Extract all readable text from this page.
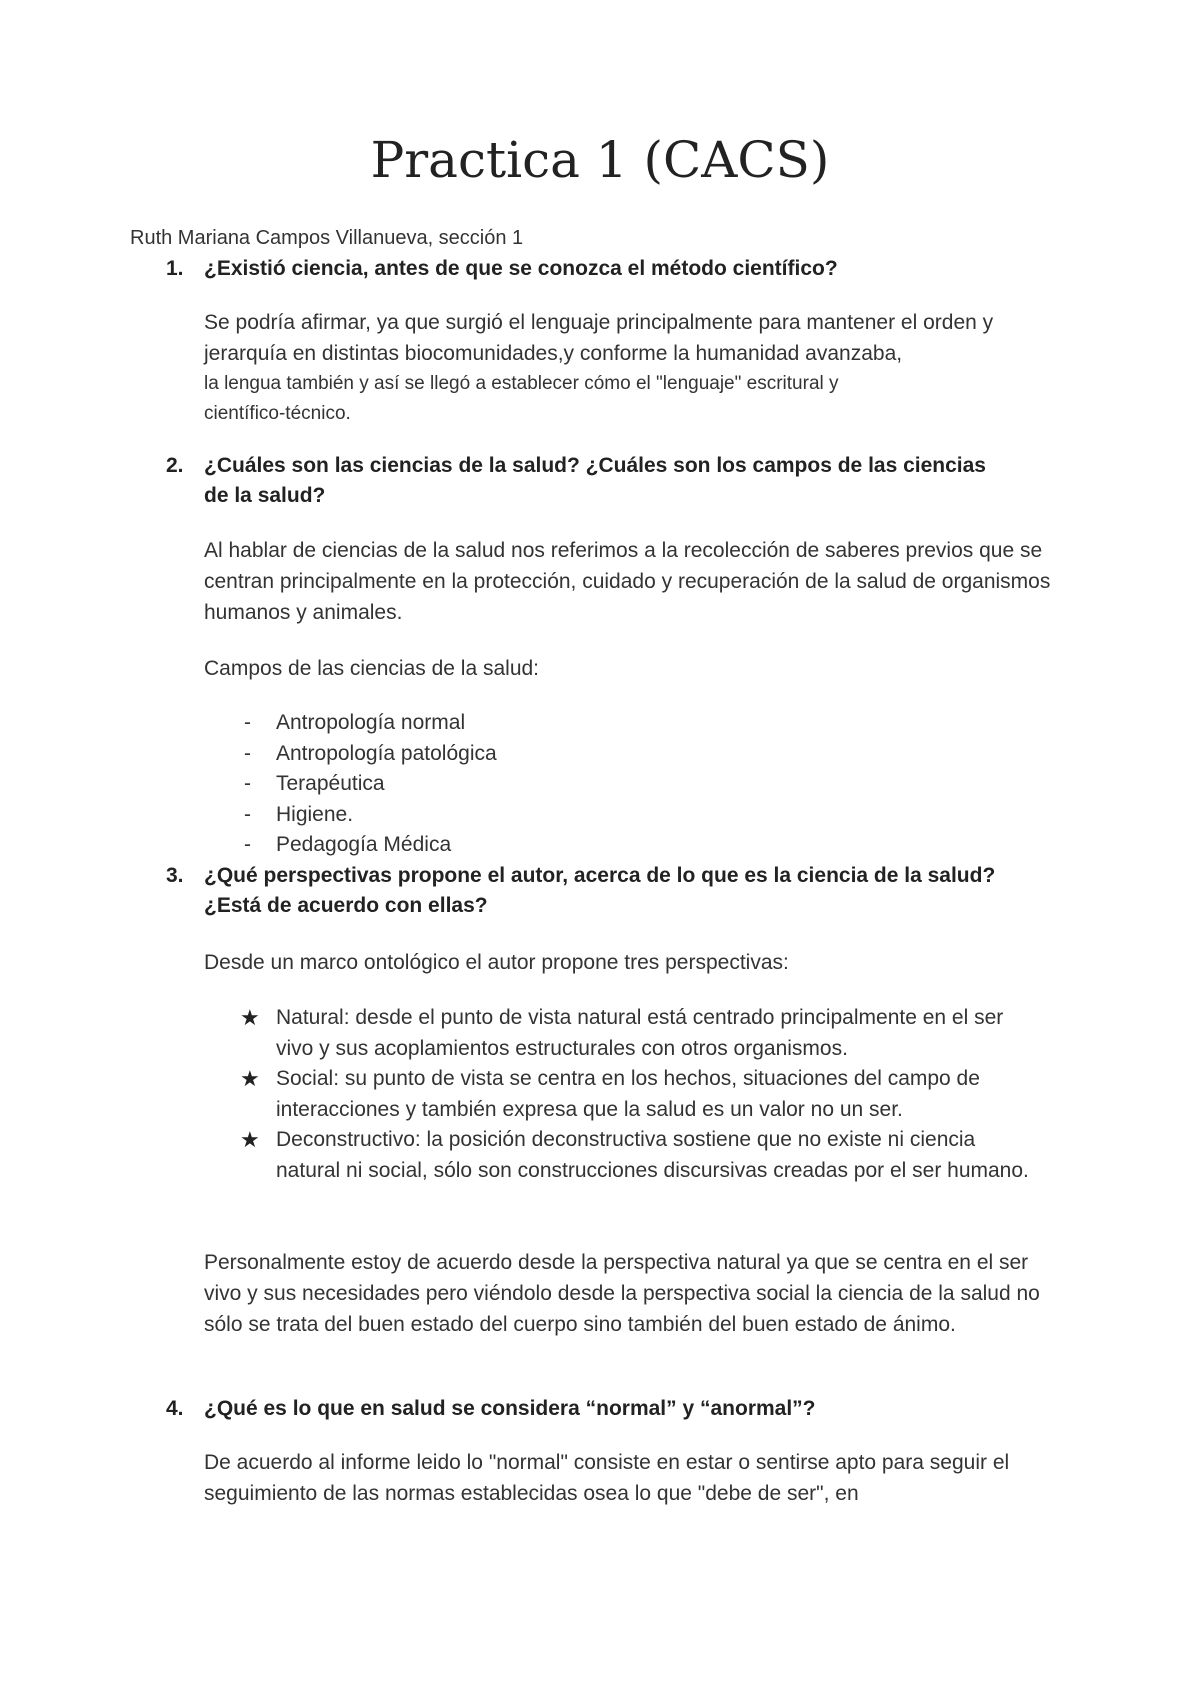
Practica 1 (CACS)
Ruth Mariana Campos Villanueva, sección 1
1. ¿Existió ciencia, antes de que se conozca el método científico?
Se podría afirmar, ya que surgió el lenguaje principalmente para mantener el orden y jerarquía en distintas biocomunidades,y conforme la humanidad avanzaba,
la lengua también y así se llegó a establecer cómo el "lenguaje" escritural y científico-técnico.
2. ¿Cuáles son las ciencias de la salud? ¿Cuáles son los campos de las ciencias de la salud?
Al hablar de ciencias de la salud nos referimos a la recolección de saberes previos que se centran principalmente en la protección, cuidado y recuperación de la salud de organismos humanos y animales.
Campos de las ciencias de la salud:
- Antropología normal
- Antropología patológica
- Terapéutica
- Higiene.
- Pedagogía Médica
3. ¿Qué perspectivas propone el autor, acerca de lo que es la ciencia de la salud? ¿Está de acuerdo con ellas?
Desde un marco ontológico el autor propone tres perspectivas:
★ Natural: desde el punto de vista natural está centrado principalmente en el ser vivo y sus acoplamientos estructurales con otros organismos.
★ Social: su punto de vista se centra en los hechos, situaciones del campo de interacciones y también expresa que la salud es un valor no un ser.
★ Deconstructivo: la posición deconstructiva sostiene que no existe ni ciencia natural ni social, sólo son construcciones discursivas creadas por el ser humano.
Personalmente estoy de acuerdo desde la perspectiva natural ya que se centra en el ser vivo y sus necesidades pero viéndolo desde la perspectiva social la ciencia de la salud no sólo se trata del buen estado del cuerpo sino también del buen estado de ánimo.
4. ¿Qué es lo que en salud se considera “normal” y “anormal”?
De acuerdo al informe leido lo "normal" consiste en estar o sentirse apto para seguir el seguimiento de las normas establecidas osea lo que "debe de ser", en
